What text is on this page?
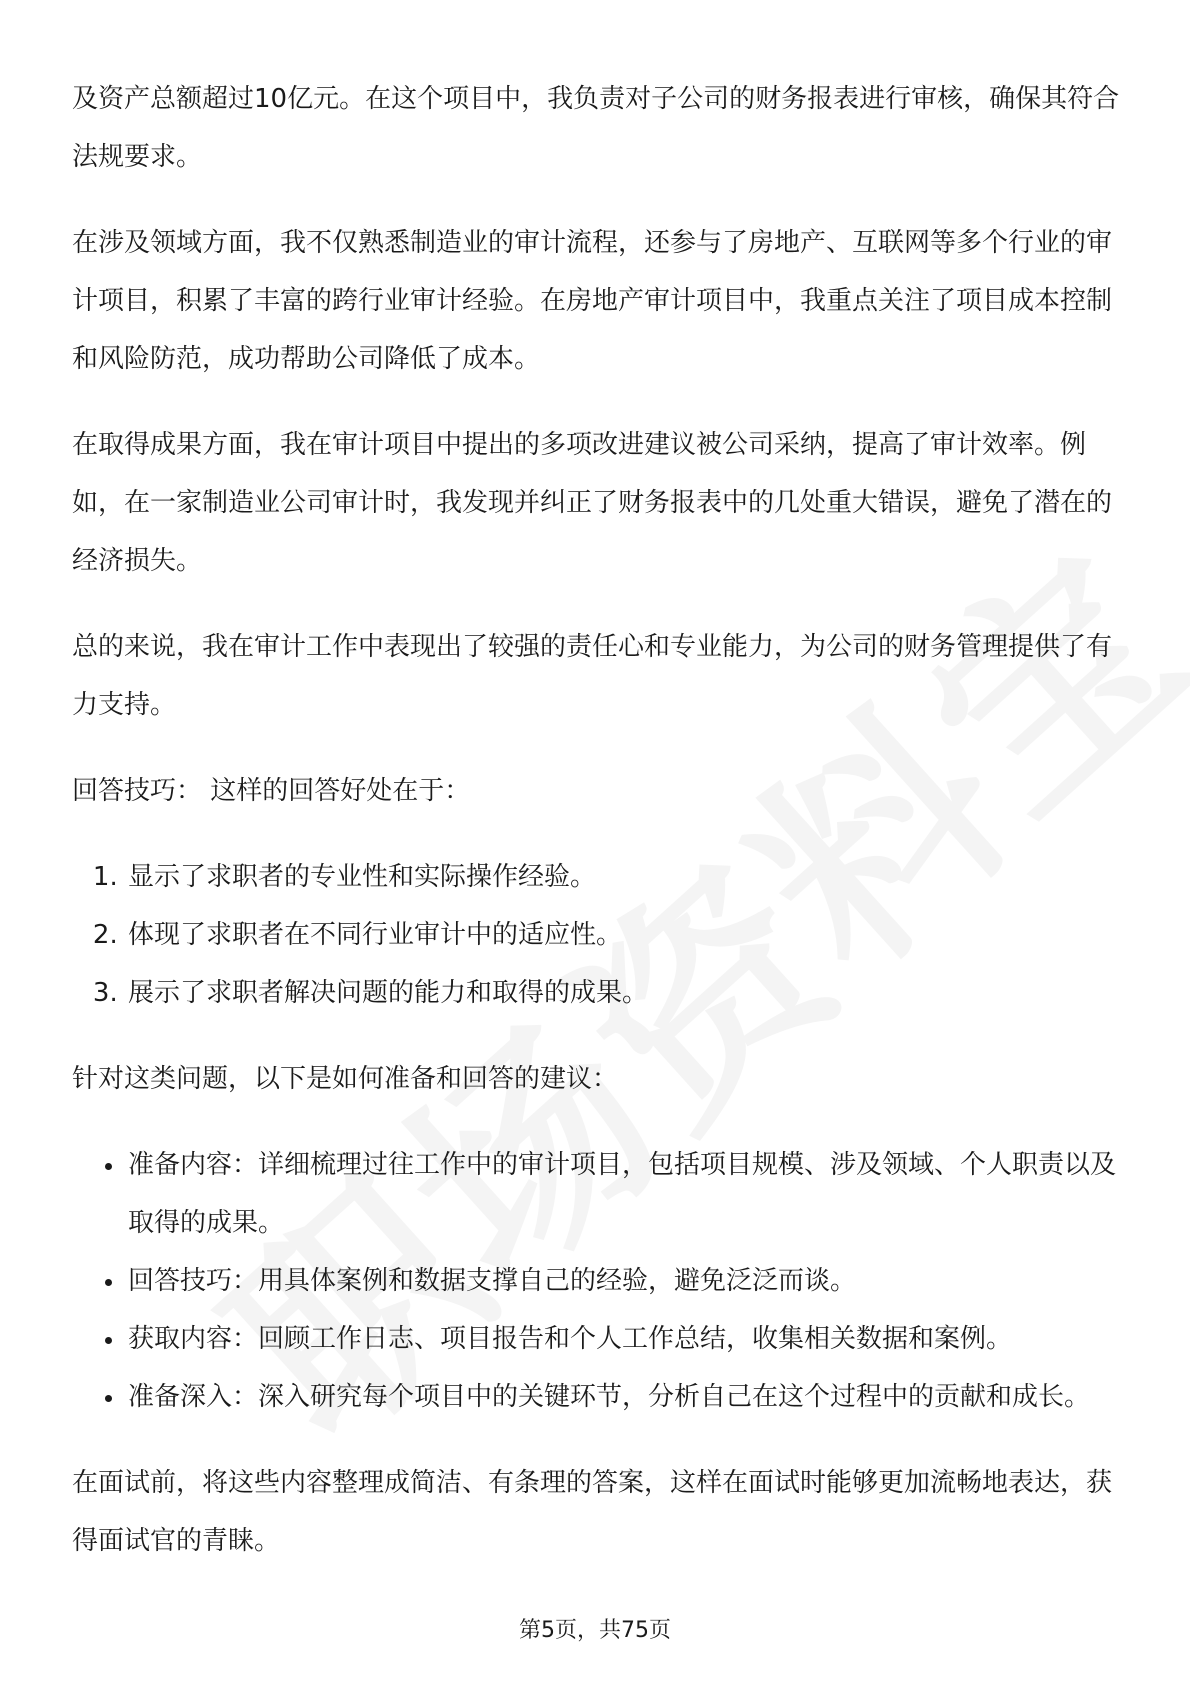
及资产总额超过10亿元。在这个项目中，我负责对子公司的财务报表进行审核，确保其符合法规要求。

在涉及领域方面，我不仅熟悉制造业的审计流程，还参与了房地产、互联网等多个行业的审计项目，积累了丰富的跨行业审计经验。在房地产审计项目中，我重点关注了项目成本控制和风险防范，成功帮助公司降低了成本。

在取得成果方面，我在审计项目中提出的多项改进建议被公司采纳，提高了审计效率。例如，在一家制造业公司审计时，我发现并纠正了财务报表中的几处重大错误，避免了潜在的经济损失。

总的来说，我在审计工作中表现出了较强的责任心和专业能力，为公司的财务管理提供了有力支持。

回答技巧： 这样的回答好处在于：

1. 显示了求职者的专业性和实际操作经验。
2. 体现了求职者在不同行业审计中的适应性。
3. 展示了求职者解决问题的能力和取得的成果。

针对这类问题，以下是如何准备和回答的建议：

• 准备内容：详细梳理过往工作中的审计项目，包括项目规模、涉及领域、个人职责以及取得的成果。
• 回答技巧：用具体案例和数据支撑自己的经验，避免泛泛而谈。
• 获取内容：回顾工作日志、项目报告和个人工作总结，收集相关数据和案例。
• 准备深入：深入研究每个项目中的关键环节，分析自己在这个过程中的贡献和成长。

在面试前，将这些内容整理成简洁、有条理的答案，这样在面试时能够更加流畅地表达，获得面试官的青睐。

第5页，共75页
